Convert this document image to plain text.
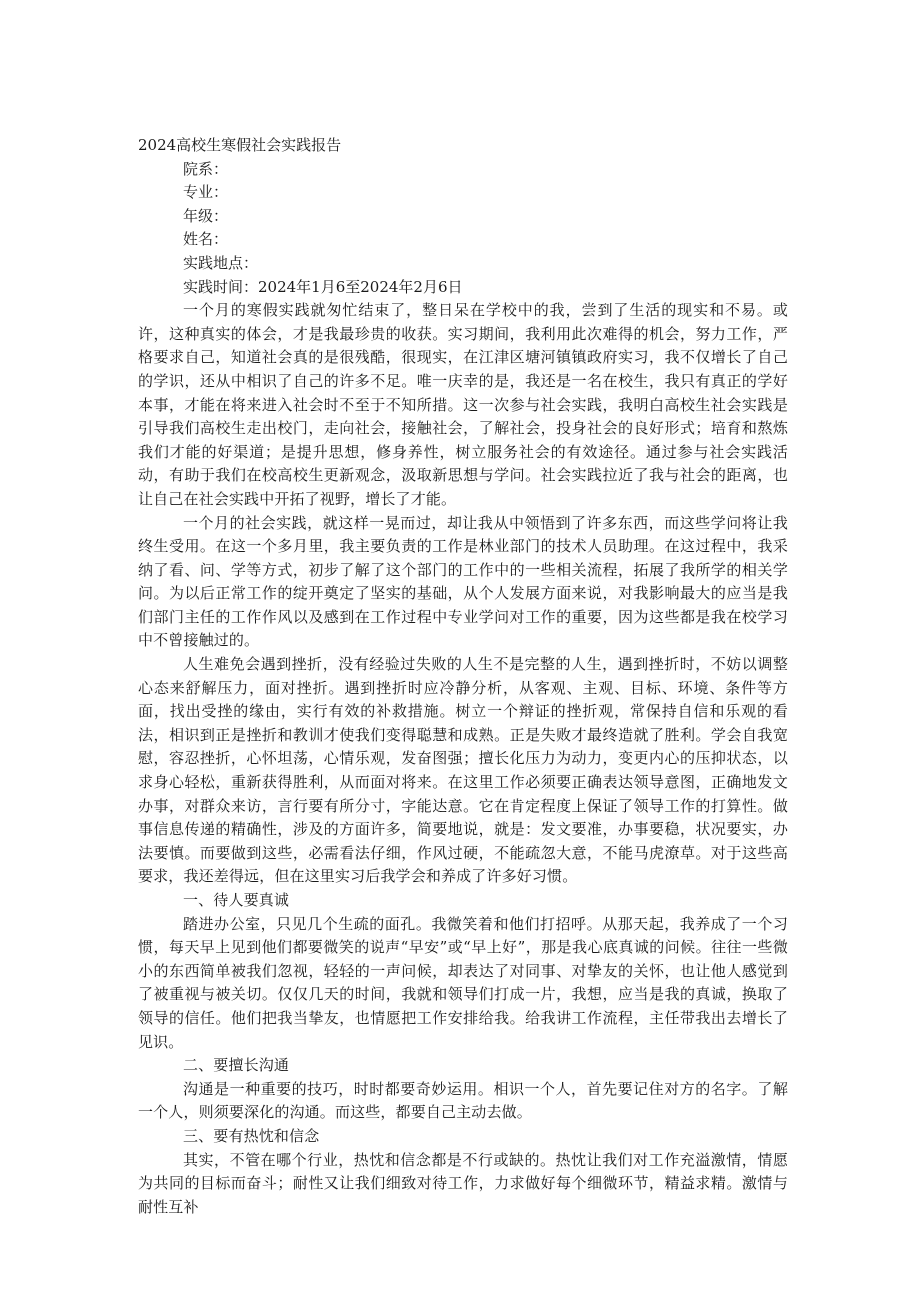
2024高校生寒假社会实践报告
院系：
专业：
年级：
姓名：
实践地点：
实践时间：2024年1月6至2024年2月6日

一个月的寒假实践就匆忙结束了，整日呆在学校中的我，尝到了生活的现实和不易。或许，这种真实的体会，才是我最珍贵的收获。实习期间，我利用此次难得的机会，努力工作，严格要求自己，知道社会真的是很残酷，很现实，在江津区塘河镇镇政府实习，我不仅增长了自己的学识，还从中相识了自己的许多不足。唯一庆幸的是，我还是一名在校生，我只有真正的学好本事，才能在将来进入社会时不至于不知所措。这一次参与社会实践，我明白高校生社会实践是引导我们高校生走出校门，走向社会，接触社会，了解社会，投身社会的良好形式；培育和熬炼我们才能的好渠道；是提升思想，修身养性，树立服务社会的有效途径。通过参与社会实践活动，有助于我们在校高校生更新观念，汲取新思想与学问。社会实践拉近了我与社会的距离，也让自己在社会实践中开拓了视野，增长了才能。

一个月的社会实践，就这样一晃而过，却让我从中领悟到了许多东西，而这些学问将让我终生受用。在这一个多月里，我主要负责的工作是林业部门的技术人员助理。在这过程中，我采纳了看、问、学等方式，初步了解了这个部门的工作中的一些相关流程，拓展了我所学的相关学问。为以后正常工作的绽开奠定了坚实的基础，从个人发展方面来说，对我影响最大的应当是我们部门主任的工作作风以及感到在工作过程中专业学问对工作的重要，因为这些都是我在校学习中不曾接触过的。

人生难免会遇到挫折，没有经验过失败的人生不是完整的人生，遇到挫折时，不妨以调整心态来舒解压力，面对挫折。遇到挫折时应冷静分析，从客观、主观、目标、环境、条件等方面，找出受挫的缘由，实行有效的补救措施。树立一个辩证的挫折观，常保持自信和乐观的看法，相识到正是挫折和教训才使我们变得聪慧和成熟。正是失败才最终造就了胜利。学会自我宽慰，容忍挫折，心怀坦荡，心情乐观，发奋图强；擅长化压力为动力，变更内心的压抑状态，以求身心轻松，重新获得胜利，从而面对将来。在这里工作必须要正确表达领导意图，正确地发文办事，对群众来访，言行要有所分寸，字能达意。它在肯定程度上保证了领导工作的打算性。做事信息传递的精确性，涉及的方面许多，简要地说，就是：发文要准，办事要稳，状况要实，办法要慎。而要做到这些，必需看法仔细，作风过硬，不能疏忽大意，不能马虎潦草。对于这些高要求，我还差得远，但在这里实习后我学会和养成了许多好习惯。

一、待人要真诚

踏进办公室，只见几个生疏的面孔。我微笑着和他们打招呼。从那天起，我养成了一个习惯，每天早上见到他们都要微笑的说声“早安”或“早上好”，那是我心底真诚的问候。往往一些微小的东西简单被我们忽视，轻轻的一声问候，却表达了对同事、对挚友的关怀，也让他人感觉到了被重视与被关切。仅仅几天的时间，我就和领导们打成一片，我想，应当是我的真诚，换取了领导的信任。他们把我当挚友，也情愿把工作安排给我。给我讲工作流程，主任带我出去增长了见识。

二、要擅长沟通

沟通是一种重要的技巧，时时都要奇妙运用。相识一个人，首先要记住对方的名字。了解一个人，则须要深化的沟通。而这些，都要自己主动去做。

三、要有热忱和信念

其实，不管在哪个行业，热忱和信念都是不行或缺的。热忱让我们对工作充溢激情，情愿为共同的目标而奋斗；耐性又让我们细致对待工作，力求做好每个细微环节，精益求精。激情与耐性互补
